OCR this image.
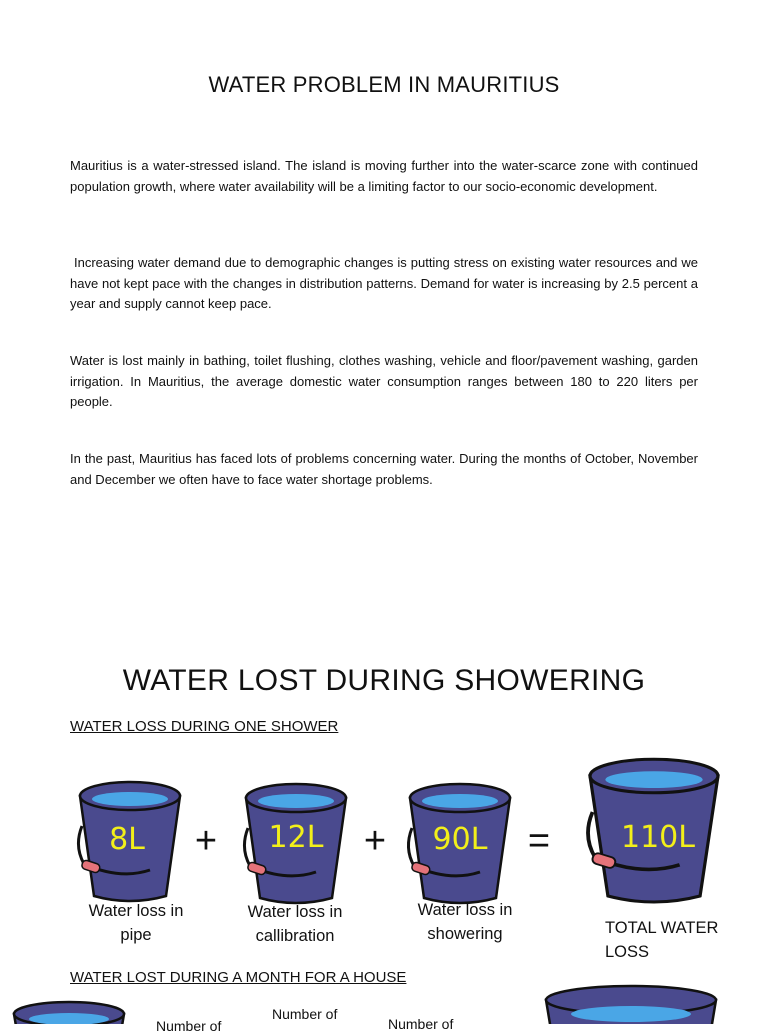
WATER PROBLEM IN MAURITIUS

Mauritius is a water-stressed island. The island is moving further into the water-scarce zone with continued population growth, where water availability will be a limiting factor to our socio-economic development.

Increasing water demand due to demographic changes is putting stress on existing water resources and we have not kept pace with the changes in distribution patterns. Demand for water is increasing by 2.5 percent a year and supply cannot keep pace.

Water is lost mainly in bathing, toilet flushing, clothes washing, vehicle and floor/pavement washing, garden irrigation. In Mauritius, the average domestic water consumption ranges between 180 to 220 liters per people.

In the past, Mauritius has faced lots of problems concerning water. During the months of October, November and December we often have to face water shortage problems.

WATER LOST DURING SHOWERING
WATER LOSS DURING ONE SHOWER
8L	12L	90L	110L
+	+	=
Water loss in
pipe
Water loss in
callibration
Water loss in
showering	TOTAL WATER
LOSS
WATER LOST DURING A MONTH FOR A HOUSE
Number of
Number of	Number of
